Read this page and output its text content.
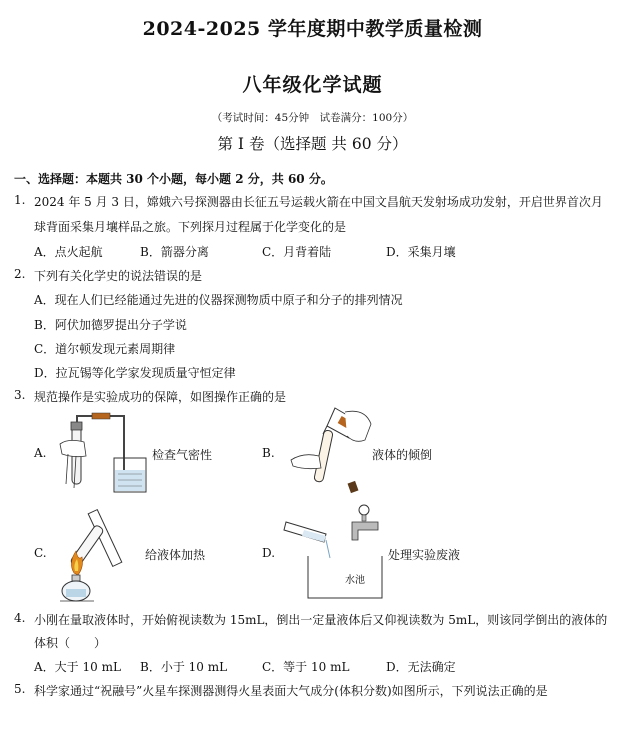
2024-2025 学年度期中教学质量检测
八年级化学试题
（考试时间：45分钟　试卷满分：100分）
第 I 卷（选择题 共 60 分）
一、选择题：本题共 30 个小题，每小题 2 分，共 60 分。
1. 2024 年 5 月 3 日，嫦娥六号探测器由长征五号运载火箭在中国文昌航天发射场成功发射，开启世界首次月
球背面采集月壤样品之旅。下列探月过程属于化学变化的是
A．点火起航	B．箭器分离	C．月背着陆	D．采集月壤
2. 下列有关化学史的说法错误的是
A．现在人们已经能通过先进的仪器探测物质中原子和分子的排列情况
B．阿伏加德罗提出分子学说
C．道尔顿发现元素周期律
D．拉瓦锡等化学家发现质量守恒定律
3. 规范操作是实验成功的保障，如图操作正确的是
A.	检查气密性	B.	液体的倾倒
C.	给液体加热	D.	处理实验废液
水池
4. 小刚在量取液体时，开始俯视读数为 15mL，倒出一定量液体后又仰视读数为 5mL，则该同学倒出的液体的
体积（　　）
A．大于 10 mL B．小于 10 mL	C．等于 10 mL	D．无法确定
5. 科学家通过“祝融号”火星车探测器测得火星表面大气成分(体积分数)如图所示，下列说法正确的是
